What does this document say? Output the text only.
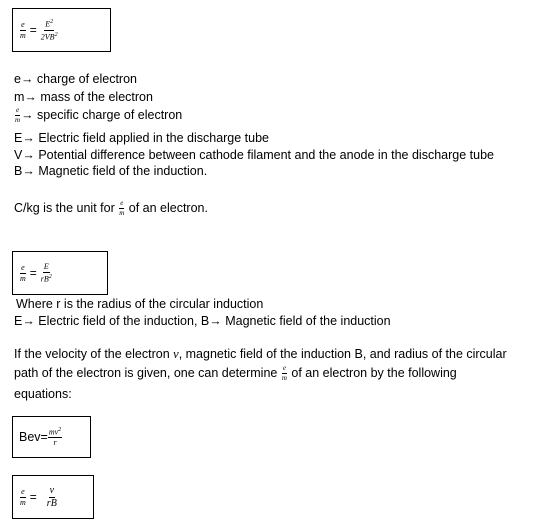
$\frac{e}{m} = \frac{E^2}{2VB^2}$
e→ charge of electron
m→ mass of the electron
$\frac{e}{m}$ → specific charge of electron
E→ Electric field applied in the discharge tube
V→ Potential difference between cathode filament and the anode in the discharge tube
B→ Magnetic field of the induction.
C/kg is the unit for $\frac{e}{m}$ of an electron.
$\frac{e}{m} = \frac{E}{rB^2}$
Where r is the radius of the circular induction
E→ Electric field of the induction, B→ Magnetic field of the induction
If the velocity of the electron v, magnetic field of the induction B, and radius of the circular
path of the electron is given, one can determine $\frac{e}{m}$ of an electron by the following
equations:
$Bev= \frac{mv^2}{r}$
$\frac{e}{m} = \frac{v}{rB}$
